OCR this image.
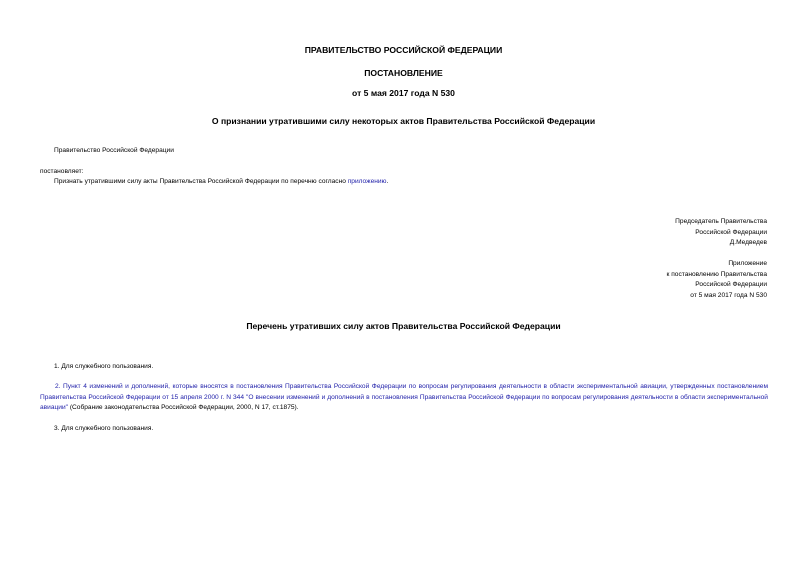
ПРАВИТЕЛЬСТВО РОССИЙСКОЙ ФЕДЕРАЦИИ
ПОСТАНОВЛЕНИЕ
от 5 мая 2017 года N 530
О признании утратившими силу некоторых актов Правительства Российской Федерации
Правительство Российской Федерации
постановляет:
Признать утратившими силу акты Правительства Российской Федерации по перечню согласно приложению.
Председатель Правительства
Российской Федерации
Д.Медведев
Приложение
к постановлению Правительства
Российской Федерации
от 5 мая 2017 года N 530
Перечень утративших силу актов Правительства Российской Федерации
1. Для служебного пользования.
2. Пункт 4 изменений и дополнений, которые вносятся в постановления Правительства Российской Федерации по вопросам регулирования деятельности в области экспериментальной авиации, утвержденных постановлением Правительства Российской Федерации от 15 апреля 2000 г. N 344 "О внесении изменений и дополнений в постановления Правительства Российской Федерации по вопросам регулирования деятельности в области экспериментальной авиации" (Собрание законодательства Российской Федерации, 2000, N 17, ст.1875).
3. Для служебного пользования.
